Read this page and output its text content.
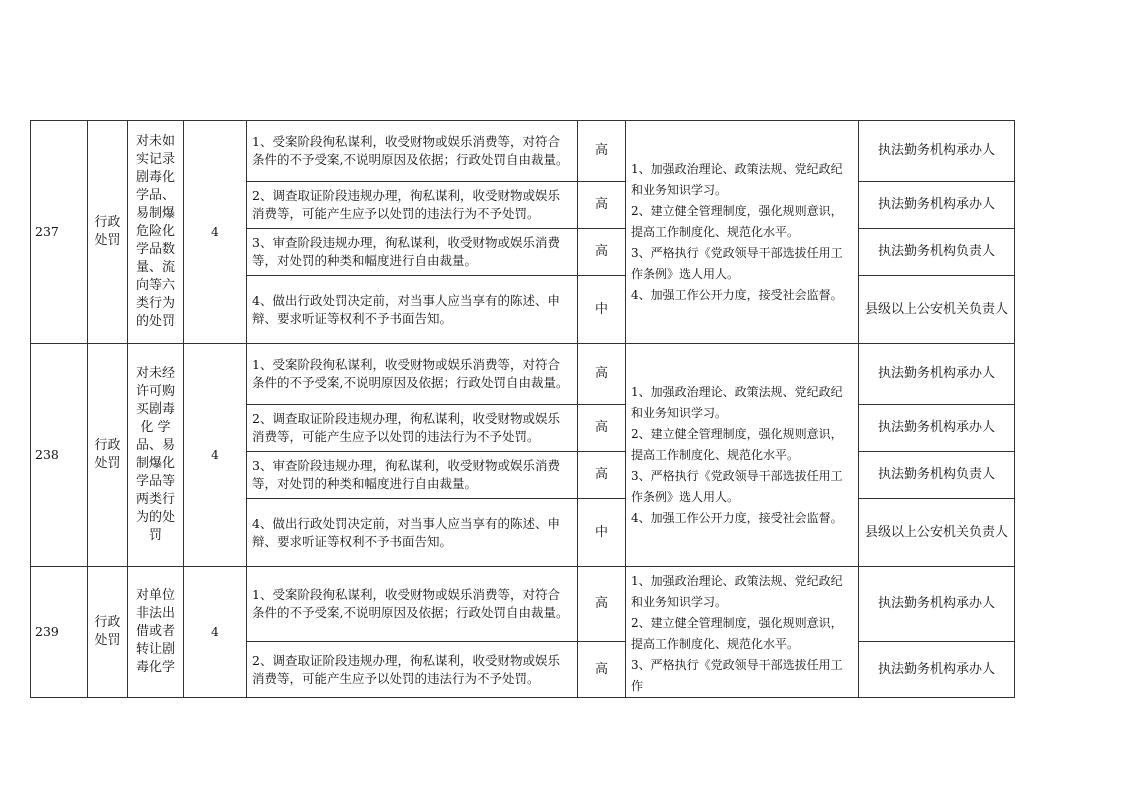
237	行政处罚	对未如实记录剧毒化学品、易制爆危险化学品数量、流向等六类行为的处罚	4	1、受案阶段徇私谋利，收受财物或娱乐消费等，对符合条件的不予受案,不说明原因及依据；行政处罚自由裁量。	高	1、加强政治理论、政策法规、党纪政纪和业务知识学习。
2、建立健全管理制度，强化规则意识，提高工作制度化、规范化水平。
3、严格执行《党政领导干部选拔任用工作条例》选人用人。
4、加强工作公开力度，接受社会监督。	执法勤务机构承办人
				2、调查取证阶段违规办理，徇私谋利，收受财物或娱乐消费等，可能产生应予以处罚的违法行为不予处罚。	高		执法勤务机构承办人
				3、审查阶段违规办理，徇私谋利，收受财物或娱乐消费等，对处罚的种类和幅度进行自由裁量。	高		执法勤务机构负责人
				4、做出行政处罚决定前，对当事人应当享有的陈述、申辩、要求听证等权利不予书面告知。	中		县级以上公安机关负责人
238	行政处罚	对未经许可购买剧毒化 学品、易制爆化学品等两类行为的处罚	4	1、受案阶段徇私谋利，收受财物或娱乐消费等，对符合条件的不予受案,不说明原因及依据；行政处罚自由裁量。	高	1、加强政治理论、政策法规、党纪政纪和业务知识学习。
2、建立健全管理制度，强化规则意识，提高工作制度化、规范化水平。
3、严格执行《党政领导干部选拔任用工作条例》选人用人。
4、加强工作公开力度，接受社会监督。	执法勤务机构承办人
				2、调查取证阶段违规办理，徇私谋利，收受财物或娱乐消费等，可能产生应予以处罚的违法行为不予处罚。	高		执法勤务机构承办人
				3、审查阶段违规办理，徇私谋利，收受财物或娱乐消费等，对处罚的种类和幅度进行自由裁量。	高		执法勤务机构负责人
				4、做出行政处罚决定前，对当事人应当享有的陈述、申辩、要求听证等权利不予书面告知。	中		县级以上公安机关负责人
239	行政处罚	对单位非法出借或者转让剧毒化学	4	1、受案阶段徇私谋利，收受财物或娱乐消费等，对符合条件的不予受案,不说明原因及依据；行政处罚自由裁量。	高	1、加强政治理论、政策法规、党纪政纪和业务知识学习。
2、建立健全管理制度，强化规则意识，提高工作制度化、规范化水平。
3、严格执行《党政领导干部选拔任用工作	执法勤务机构承办人
				2、调查取证阶段违规办理，徇私谋利，收受财物或娱乐消费等，可能产生应予以处罚的违法行为不予处罚。	高		执法勤务机构承办人
